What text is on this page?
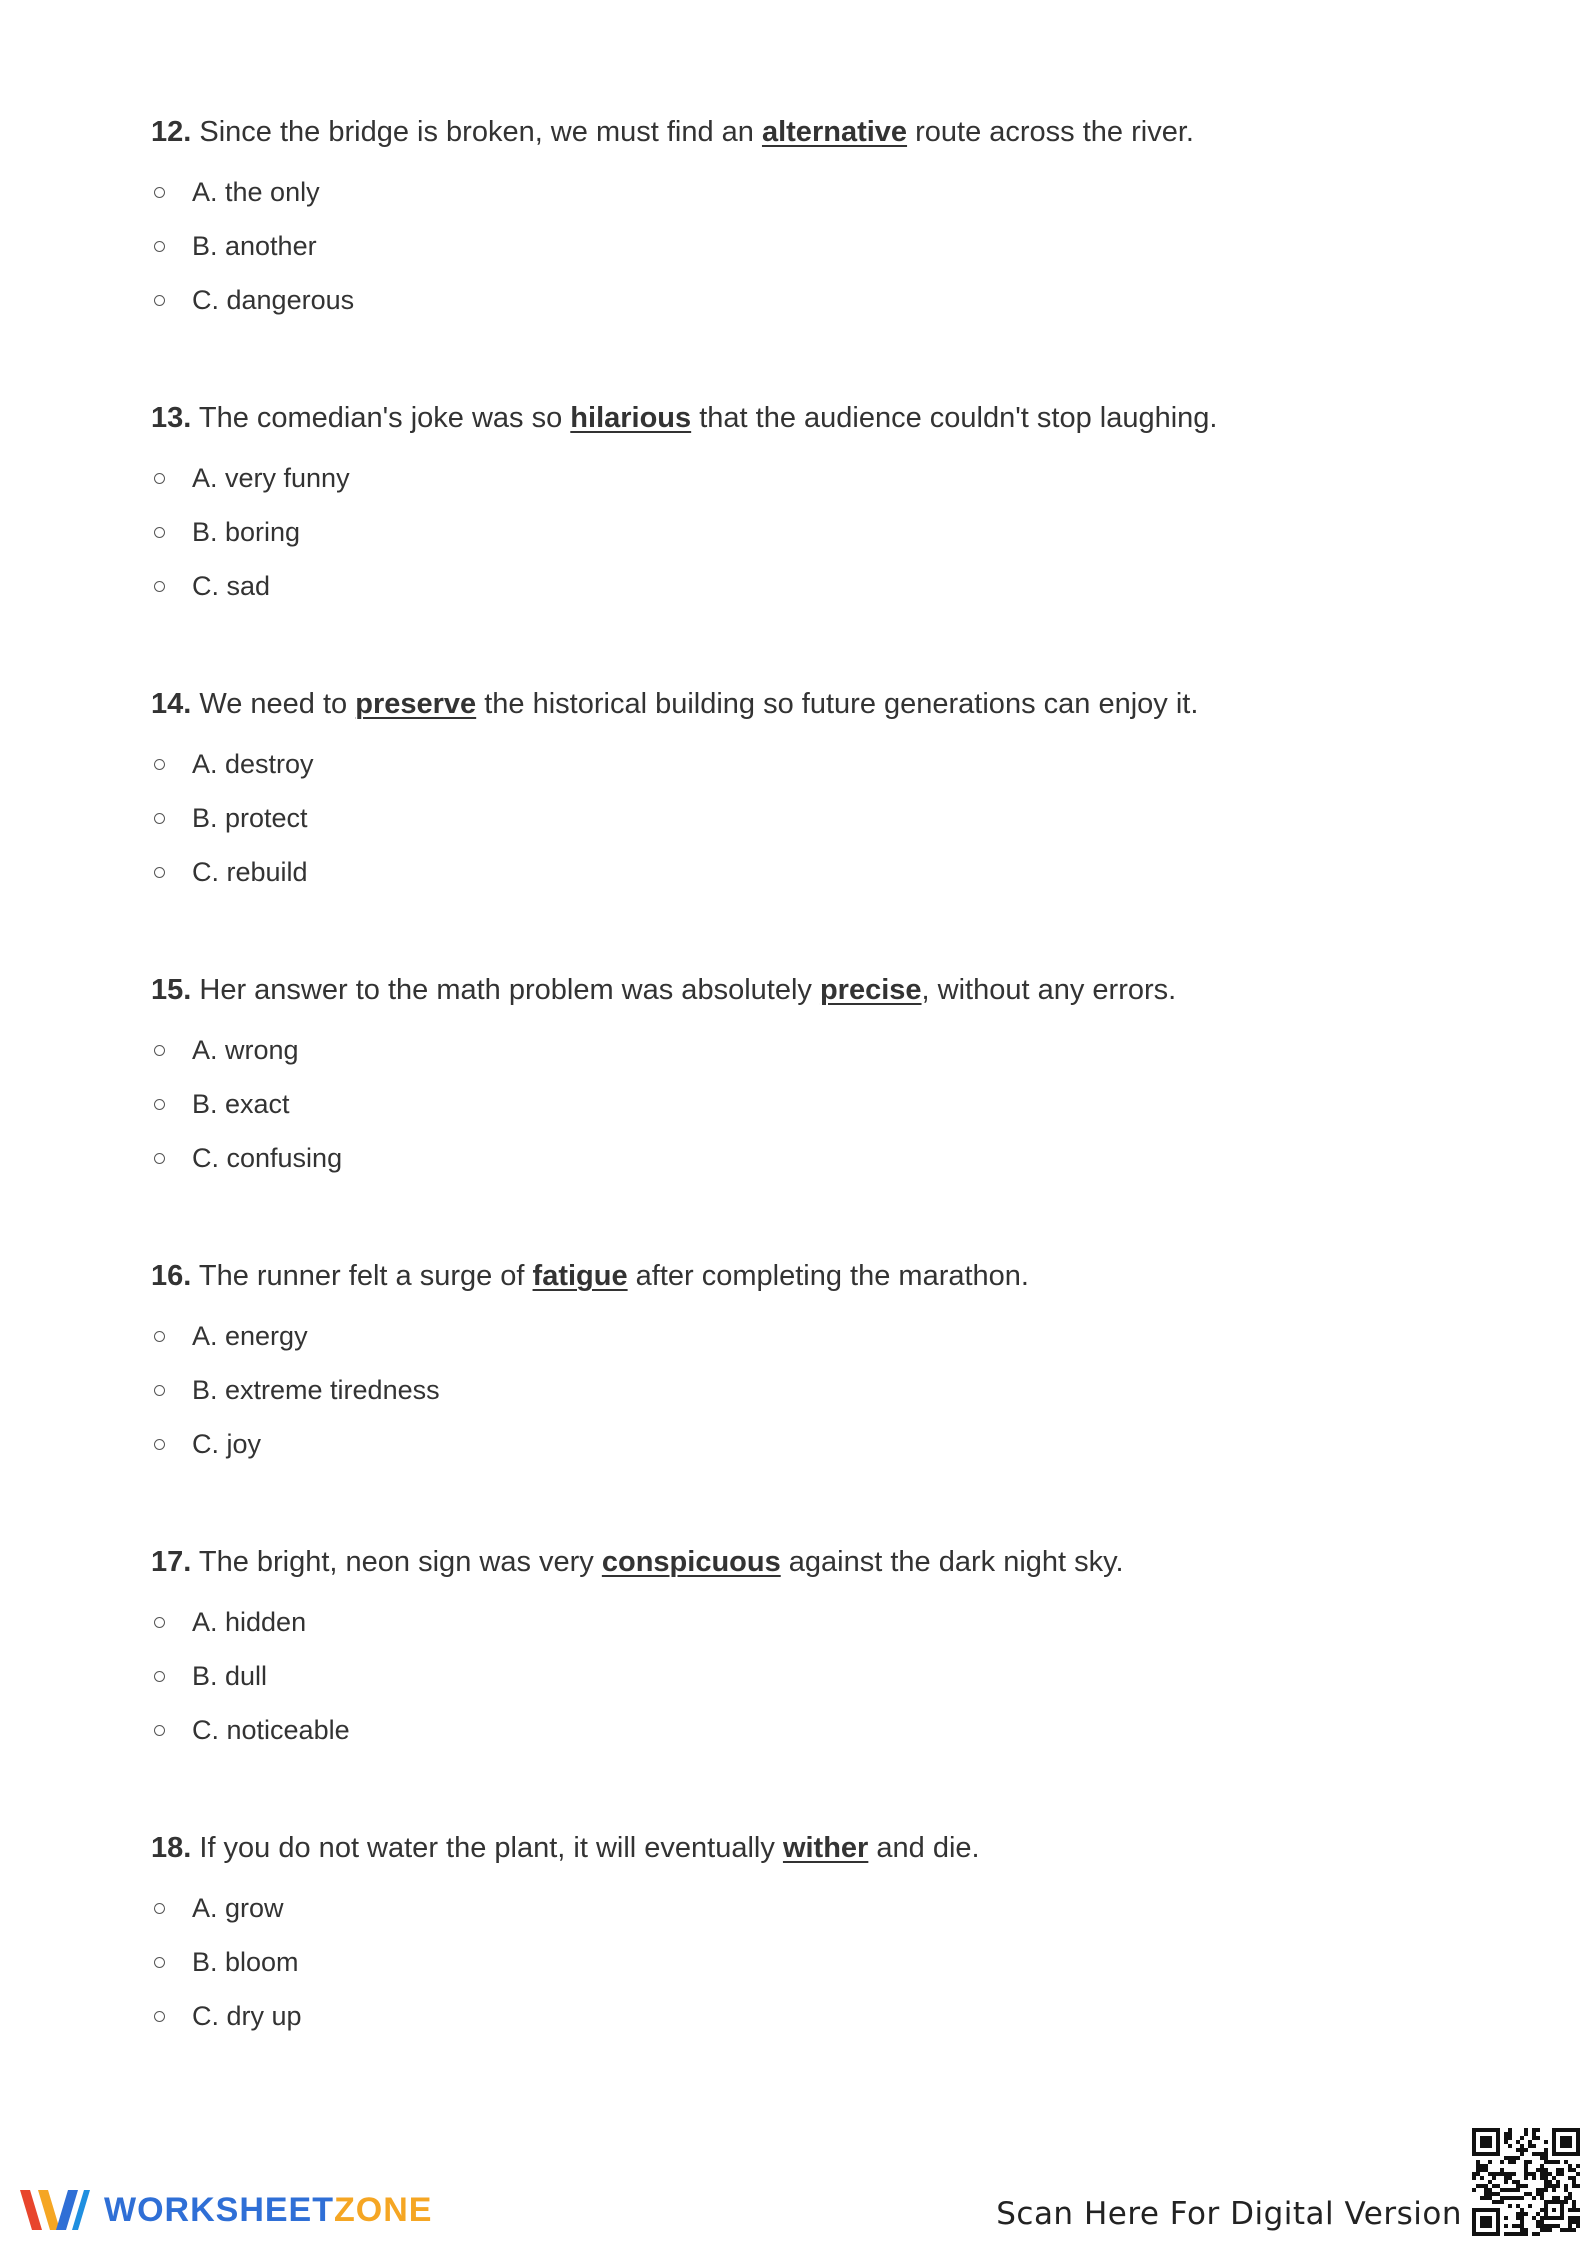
12. Since the bridge is broken, we must find an alternative route across the river.
A. the only
B. another
C. dangerous
13. The comedian's joke was so hilarious that the audience couldn't stop laughing.
A. very funny
B. boring
C. sad
14. We need to preserve the historical building so future generations can enjoy it.
A. destroy
B. protect
C. rebuild
15. Her answer to the math problem was absolutely precise, without any errors.
A. wrong
B. exact
C. confusing
16. The runner felt a surge of fatigue after completing the marathon.
A. energy
B. extreme tiredness
C. joy
17. The bright, neon sign was very conspicuous against the dark night sky.
A. hidden
B. dull
C. noticeable
18. If you do not water the plant, it will eventually wither and die.
A. grow
B. bloom
C. dry up
WORKSHEETZONE	Scan Here For Digital Version
